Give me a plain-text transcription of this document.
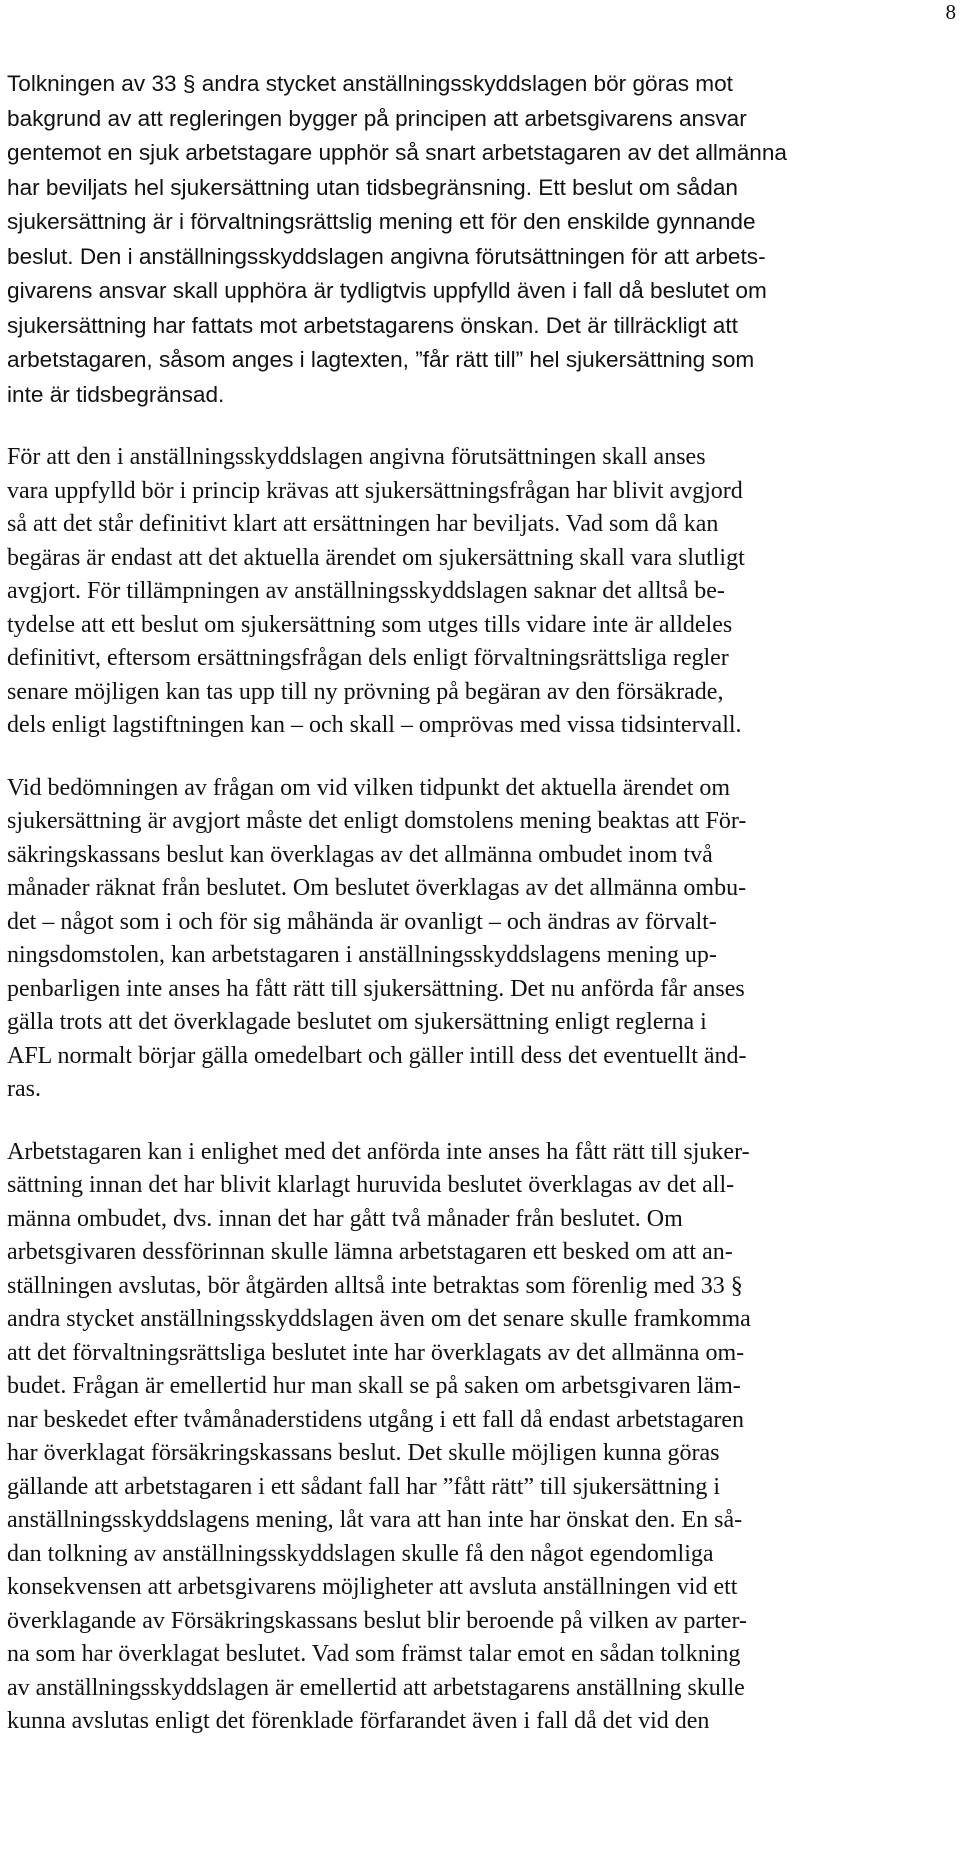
8

Tolkningen av 33 § andra stycket anställningsskyddslagen bör göras mot
bakgrund av att regleringen bygger på principen att arbetsgivarens ansvar
gentemot en sjuk arbetstagare upphör så snart arbetstagaren av det allmänna
har beviljats hel sjukersättning utan tidsbegränsning. Ett beslut om sådan
sjukersättning är i förvaltningsrättslig mening ett för den enskilde gynnande
beslut. Den i anställningsskyddslagen angivna förutsättningen för att arbets-
givarens ansvar skall upphöra är tydligtvis uppfylld även i fall då beslutet om
sjukersättning har fattats mot arbetstagarens önskan. Det är tillräckligt att
arbetstagaren, såsom anges i lagtexten, ”får rätt till” hel sjukersättning som
inte är tidsbegränsad.

För att den i anställningsskyddslagen angivna förutsättningen skall anses
vara uppfylld bör i princip krävas att sjukersättningsfrågan har blivit avgjord
så att det står definitivt klart att ersättningen har beviljats. Vad som då kan
begäras är endast att det aktuella ärendet om sjukersättning skall vara slutligt
avgjort. För tillämpningen av anställningsskyddslagen saknar det alltså be-
tydelse att ett beslut om sjukersättning som utges tills vidare inte är alldeles
definitivt, eftersom ersättningsfrågan dels enligt förvaltningsrättsliga regler
senare möjligen kan tas upp till ny prövning på begäran av den försäkrade,
dels enligt lagstiftningen kan – och skall – omprövas med vissa tidsintervall.

Vid bedömningen av frågan om vid vilken tidpunkt det aktuella ärendet om
sjukersättning är avgjort måste det enligt domstolens mening beaktas att För-
säkringskassans beslut kan överklagas av det allmänna ombudet inom två
månader räknat från beslutet. Om beslutet överklagas av det allmänna ombu-
det – något som i och för sig måhända är ovanligt – och ändras av förvalt-
ningsdomstolen, kan arbetstagaren i anställningsskyddslagens mening up-
penbarligen inte anses ha fått rätt till sjukersättning. Det nu anförda får anses
gälla trots att det överklagade beslutet om sjukersättning enligt reglerna i
AFL normalt börjar gälla omedelbart och gäller intill dess det eventuellt änd-
ras.

Arbetstagaren kan i enlighet med det anförda inte anses ha fått rätt till sjuker-
sättning innan det har blivit klarlagt huruvida beslutet överklagas av det all-
männa ombudet, dvs. innan det har gått två månader från beslutet. Om
arbetsgivaren dessförinnan skulle lämna arbetstagaren ett besked om att an-
ställningen avslutas, bör åtgärden alltså inte betraktas som förenlig med 33 §
andra stycket anställningsskyddslagen även om det senare skulle framkomma
att det förvaltningsrättsliga beslutet inte har överklagats av det allmänna om-
budet. Frågan är emellertid hur man skall se på saken om arbetsgivaren läm-
nar beskedet efter tvåmånaderstidens utgång i ett fall då endast arbetstagaren
har överklagat försäkringskassans beslut. Det skulle möjligen kunna göras
gällande att arbetstagaren i ett sådant fall har ”fått rätt” till sjukersättning i
anställningsskyddslagens mening, låt vara att han inte har önskat den. En så-
dan tolkning av anställningsskyddslagen skulle få den något egendomliga
konsekvensen att arbetsgivarens möjligheter att avsluta anställningen vid ett
överklagande av Försäkringskassans beslut blir beroende på vilken av parter-
na som har överklagat beslutet. Vad som främst talar emot en sådan tolkning
av anställningsskyddslagen är emellertid att arbetstagarens anställning skulle
kunna avslutas enligt det förenklade förfarandet även i fall då det vid den
